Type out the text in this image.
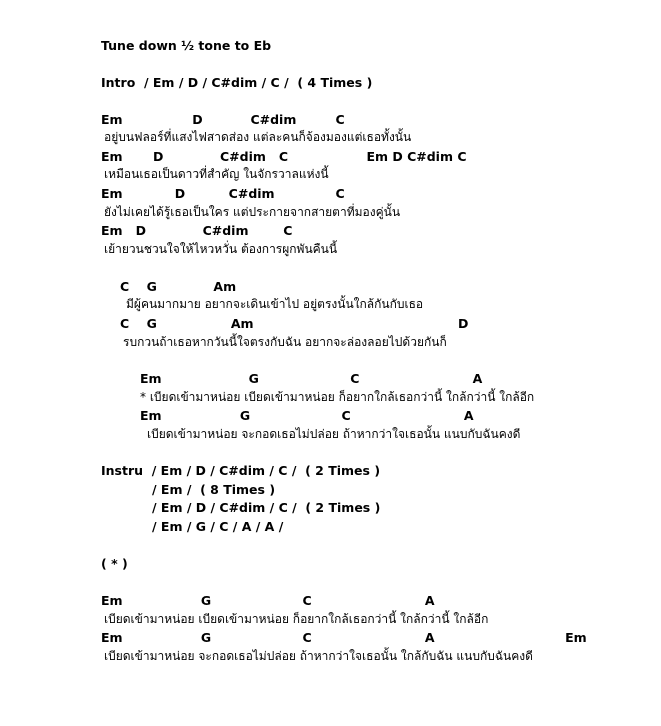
Tune down ½ tone to Eb
Intro  / Em / D / C#dim / C /  ( 4 Times )
Em                D           C#dim         C
อยู่บนฟลอร์ที่แสงไฟสาดส่อง แต่ละคนก็จ้องมองแต่เธอทั้งนั้น
Em       D             C#dim   C                  Em D C#dim C
เหมือนเธอเป็นดาวที่สำคัญ ในจักรวาลแห่งนี้
Em            D          C#dim              C
ยังไม่เคยได้รู้เธอเป็นใคร แต่ประกายจากสายตาที่มองคู่นั้น
Em   D             C#dim        C
เย้ายวนชวนใจให้ไหวหวั่น ต้องการผูกพันคืนนี้
C    G             Am
มีผู้คนมากมาย อยากจะเดินเข้าไป อยู่ตรงนั้นใกล้กันกับเธอ
C    G                 Am                                               D
รบกวนถ้าเธอหากวันนี้ใจตรงกับฉัน อยากจะล่องลอยไปด้วยกันก็
Em                    G                     C                          A
* เบียดเข้ามาหน่อย เบียดเข้ามาหน่อย ก็อยากใกล้เธอกว่านี้ ใกล้กว่านี้ ใกล้อีก
Em                  G                     C                          A
เบียดเข้ามาหน่อย จะกอดเธอไม่ปล่อย ถ้าหากว่าใจเธอนั้น แนบกับฉันคงดี
Instru  / Em / D / C#dim / C /  ( 2 Times )
/ Em /  ( 8 Times )
/ Em / D / C#dim / C /  ( 2 Times )
/ Em / G / C / A / A /
( * )
Em                  G                     C                          A
เบียดเข้ามาหน่อย เบียดเข้ามาหน่อย ก็อยากใกล้เธอกว่านี้ ใกล้กว่านี้ ใกล้อีก
Em                  G                     C                          A                              Em
เบียดเข้ามาหน่อย จะกอดเธอไม่ปล่อย ถ้าหากว่าใจเธอนั้น ใกล้กับฉัน แนบกับฉันคงดี
